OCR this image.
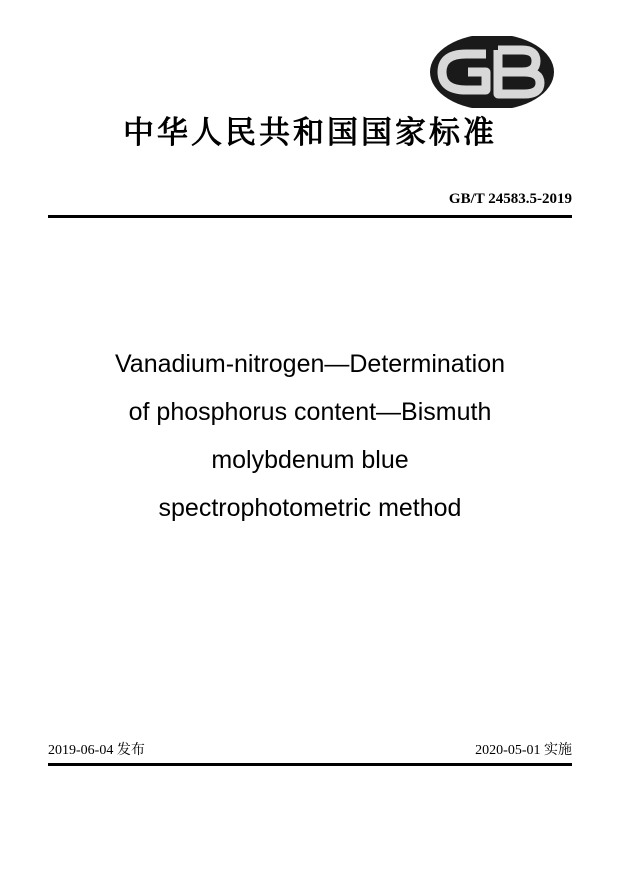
中华人民共和国国家标准
GB/T 24583.5-2019
Vanadium-nitrogen—Determination
of phosphorus content—Bismuth
molybdenum blue
spectrophotometric method
2019-06-04 发布	2020-05-01 实施
